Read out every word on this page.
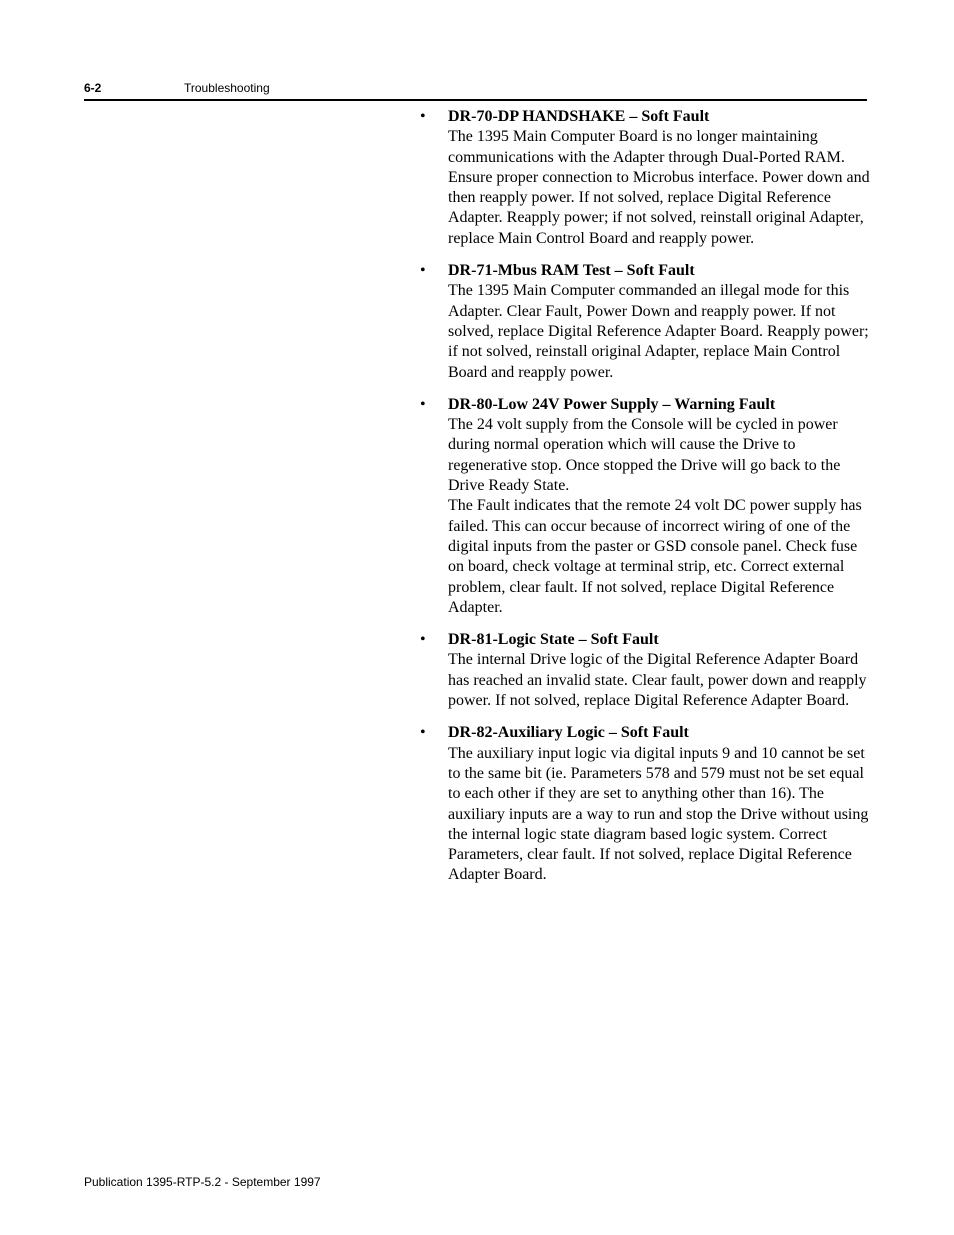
6-2	Troubleshooting
• DR-70-DP HANDSHAKE – Soft Fault
The 1395 Main Computer Board is no longer maintaining communications with the Adapter through Dual-Ported RAM. Ensure proper connection to Microbus interface. Power down and then reapply power. If not solved, replace Digital Reference Adapter. Reapply power; if not solved, reinstall original Adapter, replace Main Control Board and reapply power.
• DR-71-Mbus RAM Test – Soft Fault
The 1395 Main Computer commanded an illegal mode for this Adapter. Clear Fault, Power Down and reapply power. If not solved, replace Digital Reference Adapter Board. Reapply power; if not solved, reinstall original Adapter, replace Main Control Board and reapply power.
• DR-80-Low 24V Power Supply – Warning Fault
The 24 volt supply from the Console will be cycled in power during normal operation which will cause the Drive to regenerative stop. Once stopped the Drive will go back to the Drive Ready State.
The Fault indicates that the remote 24 volt DC power supply has failed. This can occur because of incorrect wiring of one of the digital inputs from the paster or GSD console panel. Check fuse on board, check voltage at terminal strip, etc. Correct external problem, clear fault. If not solved, replace Digital Reference Adapter.
• DR-81-Logic State – Soft Fault
The internal Drive logic of the Digital Reference Adapter Board has reached an invalid state. Clear fault, power down and reapply power. If not solved, replace Digital Reference Adapter Board.
• DR-82-Auxiliary Logic – Soft Fault
The auxiliary input logic via digital inputs 9 and 10 cannot be set to the same bit (ie. Parameters 578 and 579 must not be set equal to each other if they are set to anything other than 16). The auxiliary inputs are a way to run and stop the Drive without using the internal logic state diagram based logic system. Correct Parameters, clear fault. If not solved, replace Digital Reference Adapter Board.
Publication 1395-RTP-5.2 - September 1997
